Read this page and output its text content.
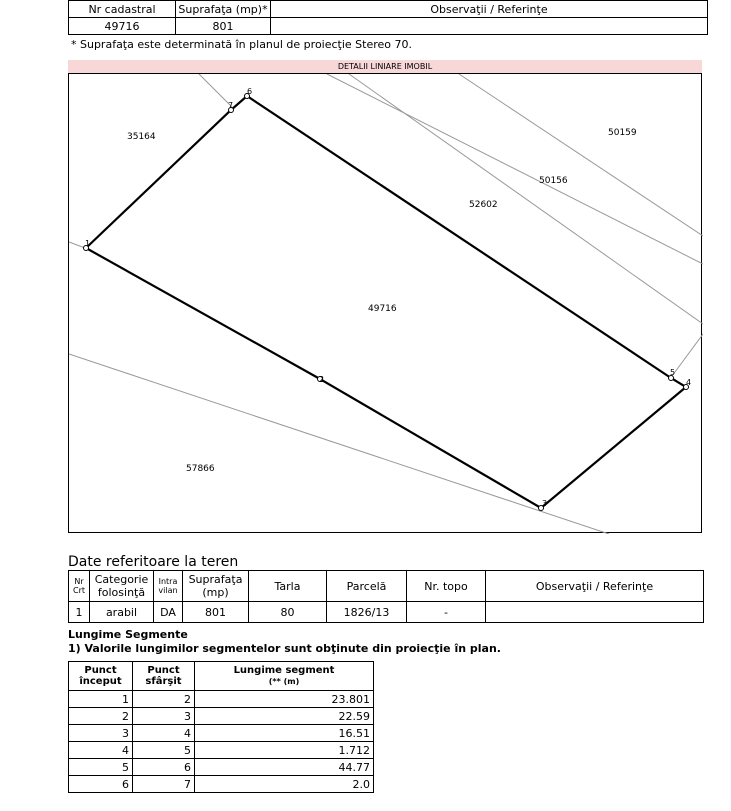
Nr cadastral	Suprafaţa (mp)*	Observaţii / Referinţe
49716	801	
* Suprafaţa este determinată în planul de proiecţie Stereo 70.
DETALII LINIARE IMOBIL
1
2
3
4
5
6
7
49716
35164
52602
50156
50159
57866
Date referitoare la teren
Nr Crt	Categorie folosinţă	Intra vilan	Suprafaţa (mp)	Tarla	Parcelă	Nr. topo	Observaţii / Referinţe
1	arabil	DA	801	80	1826/13	-	
Lungime Segmente
1) Valorile lungimilor segmentelor sunt obţinute din proiecţie în plan.
Punct început	Punct sfârşit	Lungime segment
(** (m)
1	2	23.801
2	3	22.59
3	4	16.51
4	5	1.712
5	6	44.77
6	7	2.0
